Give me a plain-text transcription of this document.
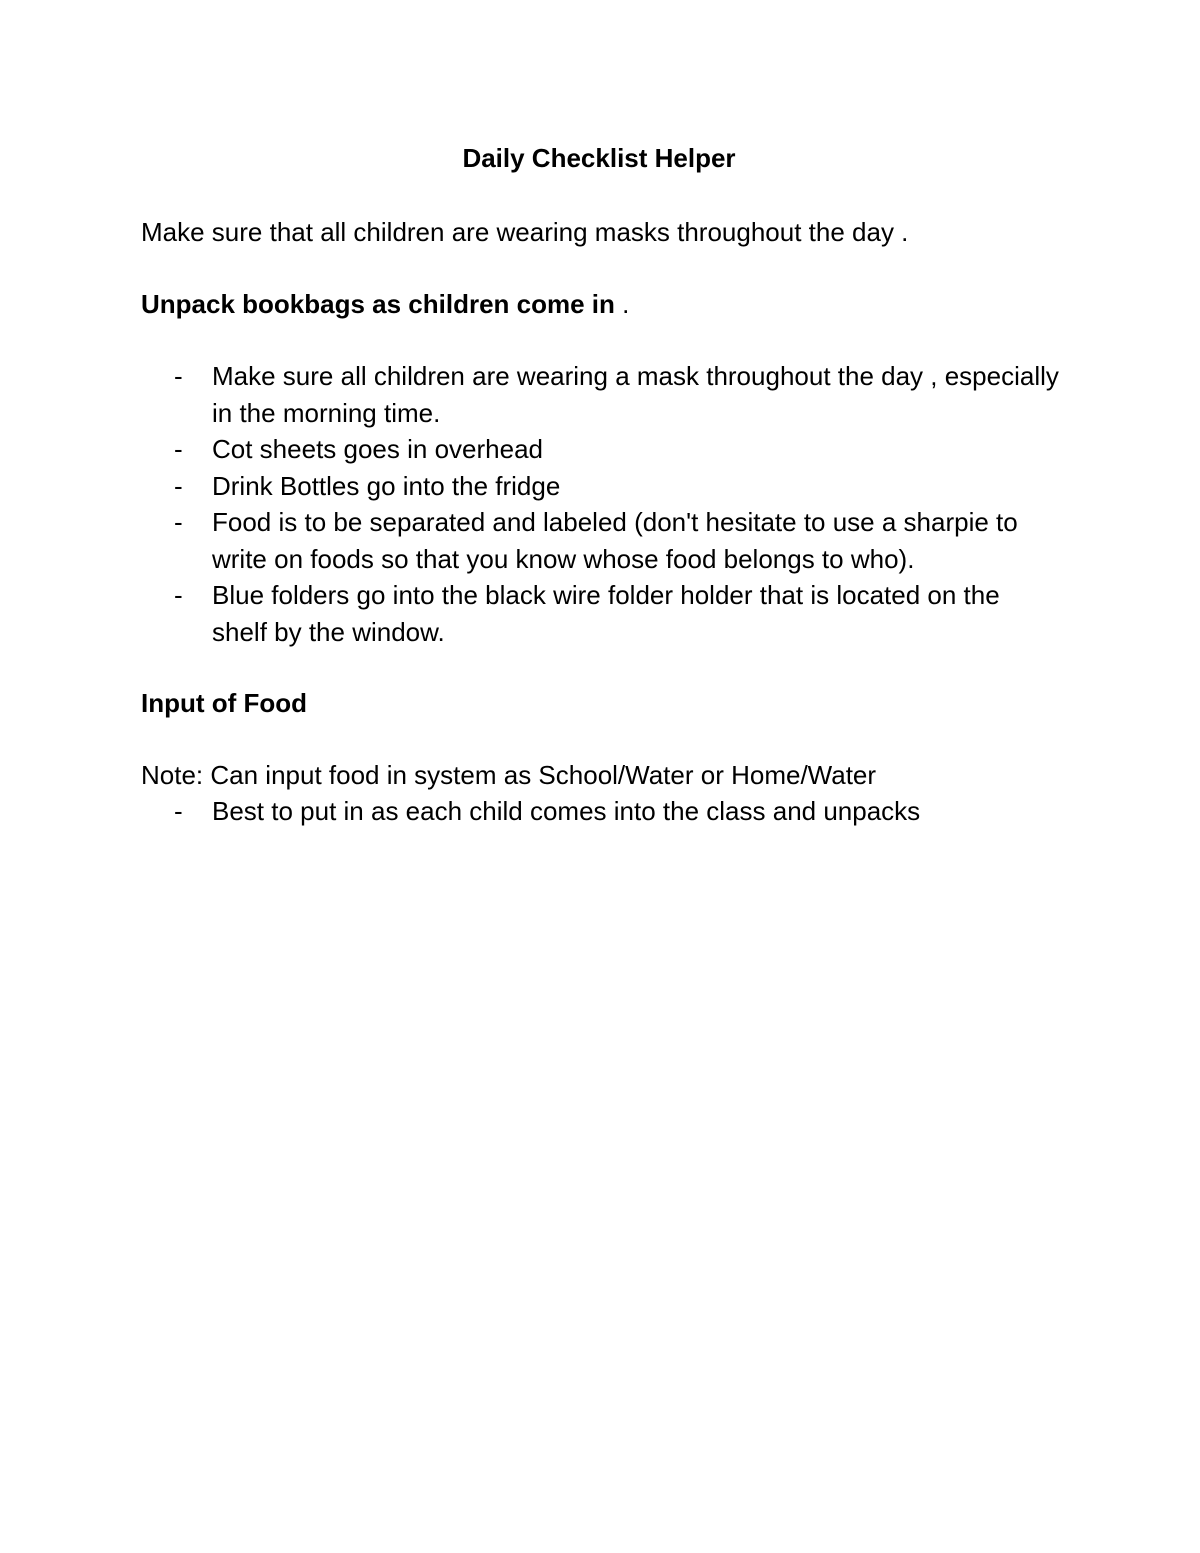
Daily Checklist Helper
Make sure that all children are wearing masks throughout the day .
Unpack bookbags as children come in .
- Make sure all children are wearing a mask throughout the day , especially in the morning time.
- Cot sheets goes in overhead
- Drink Bottles go into the fridge
- Food is to be separated and labeled (don't hesitate to use a sharpie to write on foods so that you know whose food belongs to who).
- Blue folders go into the black wire folder holder that is located on the shelf by the window.
Input of Food
Note: Can input food in system as School/Water or Home/Water
- Best to put in as each child comes into the class and unpacks
